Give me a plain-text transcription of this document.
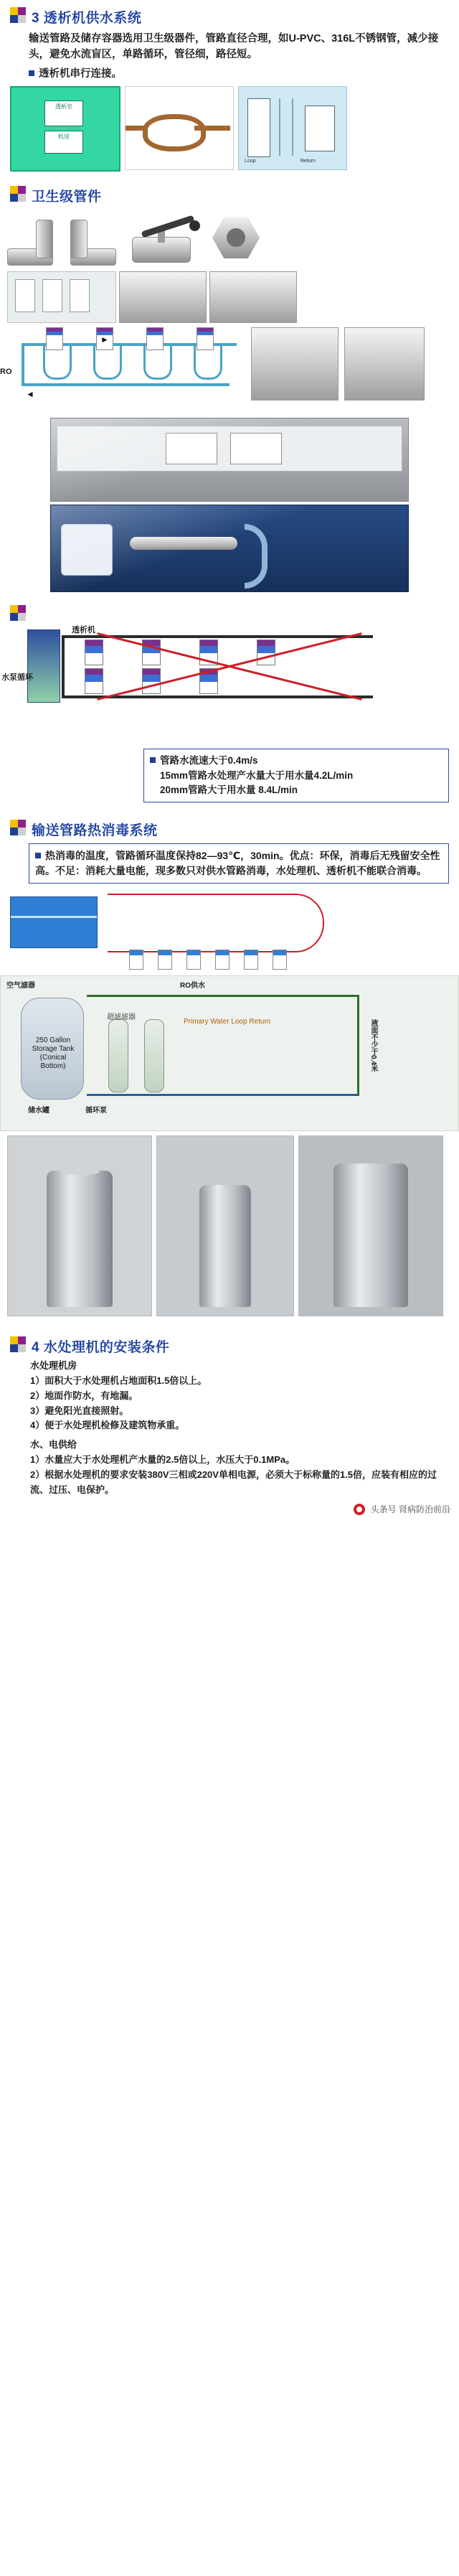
3 透析机供水系统
输送管路及储存容器选用卫生级器件，管路直径合理，如U-PVC、316L不锈钢管，减少接头，避免水流盲区，单路循环，管径细，路径短。
透析机串行连接。
透析室
机房
Loop	Return
卫生级管件
RO
◄
►
水泵循环
透析机
管路水流速大于0.4m/s
15mm管路水处理产水量大于用水量4.2L/min
20mm管路大于用水量 8.4L/min
输送管路热消毒系统
热消毒的温度，管路循环温度保持82—93℃，30min。优点：环保，消毒后无残留安全性高。不足：消耗大量电能，现多数只对供水管路消毒，水处理机、透析机不能联合消毒。
空气滤器	RO供水
250 Gallon Storage Tank (Conical Bottom)
储水罐	循环泵
超滤滤器
Primary Water Loop Return	液面不少于0.4米
4 水处理机的安装条件
水处理机房
1）面积大于水处理机占地面积1.5倍以上。
2）地面作防水，有地漏。
3）避免阳光直接照射。
4）便于水处理机检修及建筑物承重。
水、电供给
1）水量应大于水处理机产水量的2.5倍以上，水压大于0.1MPa。
2）根据水处理机的要求安装380V三相或220V单相电源，必须大于标称量的1.5倍，应装有相应的过流、过压、电保护。
头条号 肾病防治前沿
